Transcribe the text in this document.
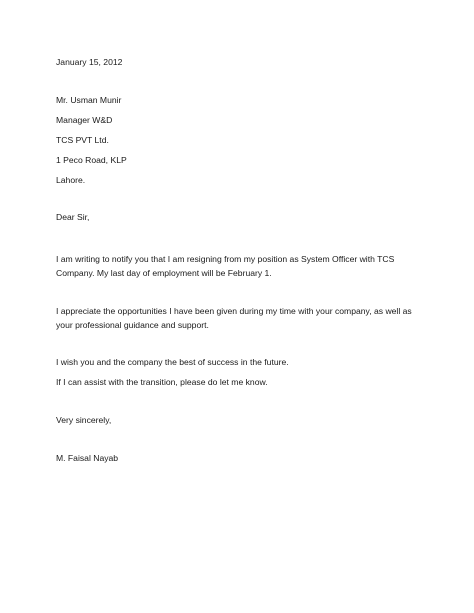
January 15, 2012

Mr. Usman Munir

Manager W&D

TCS PVT Ltd.

1 Peco Road, KLP

Lahore.

Dear Sir,

I am writing to notify you that I am resigning from my position as System Officer with TCS Company. My last day of employment will be February 1.

I appreciate the opportunities I have been given during my time with your company, as well as your professional guidance and support.

I wish you and the company the best of success in the future.

If I can assist with the transition, please do let me know.

Very sincerely,

M. Faisal Nayab
